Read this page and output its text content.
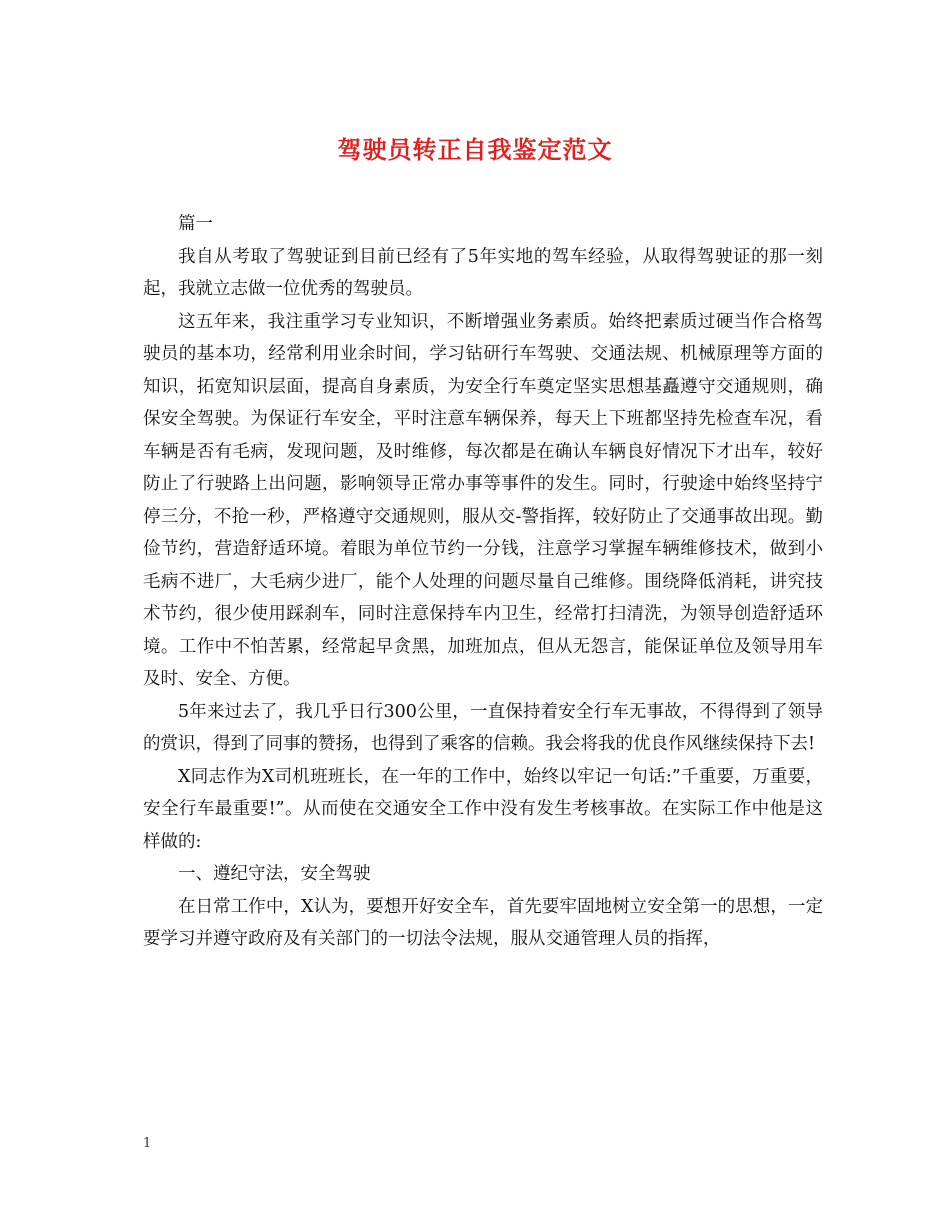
驾驶员转正自我鉴定范文

篇一

我自从考取了驾驶证到目前已经有了5年实地的驾车经验，从取得驾驶证的那一刻起，我就立志做一位优秀的驾驶员。

这五年来，我注重学习专业知识，不断增强业务素质。始终把素质过硬当作合格驾驶员的基本功，经常利用业余时间，学习钻研行车驾驶、交通法规、机械原理等方面的知识，拓宽知识层面，提高自身素质，为安全行车奠定坚实思想基矗遵守交通规则，确保安全驾驶。为保证行车安全，平时注意车辆保养，每天上下班都坚持先检查车况，看车辆是否有毛病，发现问题，及时维修，每次都是在确认车辆良好情况下才出车，较好防止了行驶路上出问题，影响领导正常办事等事件的发生。同时，行驶途中始终坚持宁停三分，不抢一秒，严格遵守交通规则，服从交-警指挥，较好防止了交通事故出现。勤俭节约，营造舒适环境。着眼为单位节约一分钱，注意学习掌握车辆维修技术，做到小毛病不进厂，大毛病少进厂，能个人处理的问题尽量自己维修。围绕降低消耗，讲究技术节约，很少使用踩刹车，同时注意保持车内卫生，经常打扫清洗，为领导创造舒适环境。工作中不怕苦累，经常起早贪黑，加班加点，但从无怨言，能保证单位及领导用车及时、安全、方便。

5年来过去了，我几乎日行300公里，一直保持着安全行车无事故，不得得到了领导的赏识，得到了同事的赞扬，也得到了乘客的信赖。我会将我的优良作风继续保持下去!

X同志作为X司机班班长，在一年的工作中，始终以牢记一句话:”千重要，万重要，安全行车最重要!”。从而使在交通安全工作中没有发生考核事故。在实际工作中他是这样做的:

一、遵纪守法，安全驾驶

在日常工作中，X认为，要想开好安全车，首先要牢固地树立安全第一的思想，一定要学习并遵守政府及有关部门的一切法令法规，服从交通管理人员的指挥，

1
